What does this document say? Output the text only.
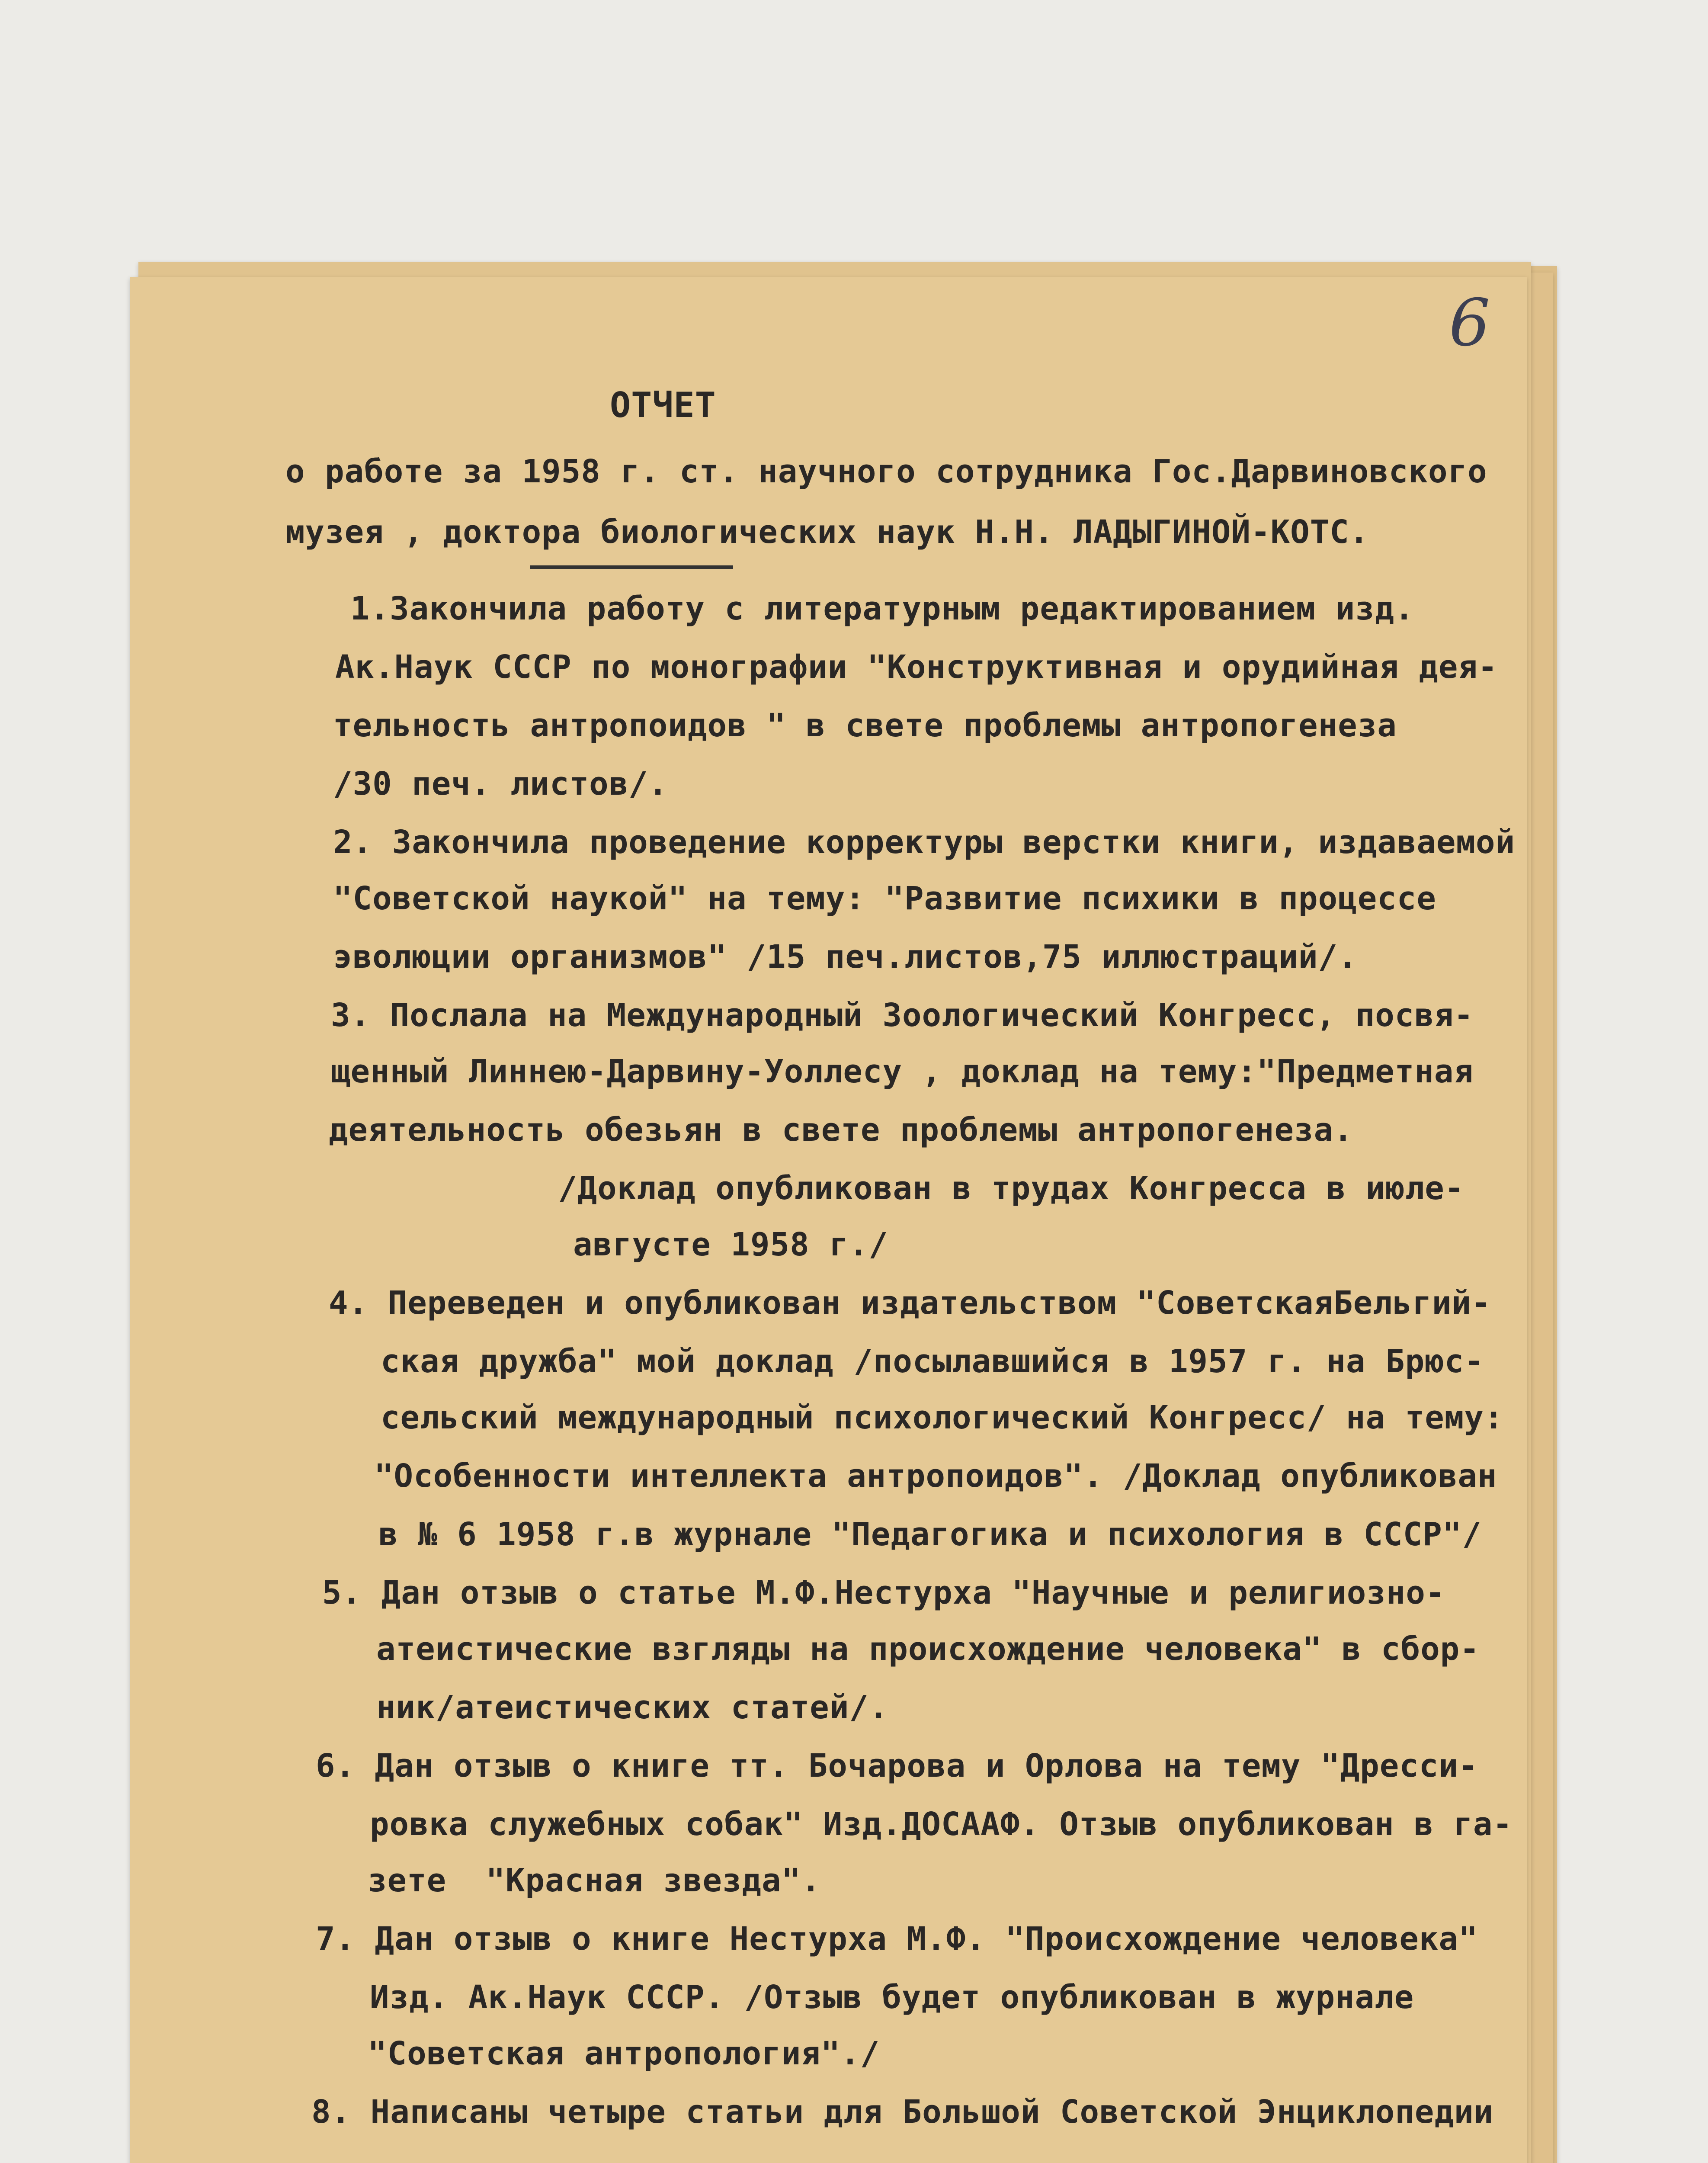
6
ОТЧЕТ
о работе за 1958 г. ст. научного сотрудника Гос.Дарвиновского
музея , доктора биологических наук Н.Н. ЛАДЫГИНОЙ-КОТС.
1.Закончила работу с литературным редактированием изд.
Ак.Наук СССР по монографии "Конструктивная и орудийная дея-
тельность антропоидов " в свете проблемы антропогенеза
/30 печ. листов/.
2. Закончила проведение корректуры верстки книги, издаваемой
"Советской наукой" на тему: "Развитие психики в процессе
эволюции организмов" /15 печ.листов,75 иллюстраций/.
3. Послала на Международный Зоологический Конгресс, посвя-
щенный Линнею-Дарвину-Уоллесу , доклад на тему:"Предметная
деятельность обезьян в свете проблемы антропогенеза.
/Доклад опубликован в трудах Конгресса в июле-
августе 1958 г./
4. Переведен и опубликован издательством "СоветскаяБельгий-
ская дружба" мой доклад /посылавшийся в 1957 г. на Брюс-
сельский международный психологический Конгресс/ на тему:
"Особенности интеллекта антропоидов". /Доклад опубликован
в № 6 1958 г.в журнале "Педагогика и психология в СССР"/
5. Дан отзыв о статье М.Ф.Нестурха "Научные и религиозно-
атеистические взгляды на происхождение человека" в сбор-
ник/атеистических статей/.
6. Дан отзыв о книге тт. Бочарова и Орлова на тему "Дресси-
ровка служебных собак" Изд.ДОСААФ. Отзыв опубликован в га-
зете  "Красная звезда".
7. Дан отзыв о книге Нестурха М.Ф. "Происхождение человека"
Изд. Ак.Наук СССР. /Отзыв будет опубликован в журнале
"Советская антропология"./
8. Написаны четыре статьи для Большой Советской Энциклопедии
